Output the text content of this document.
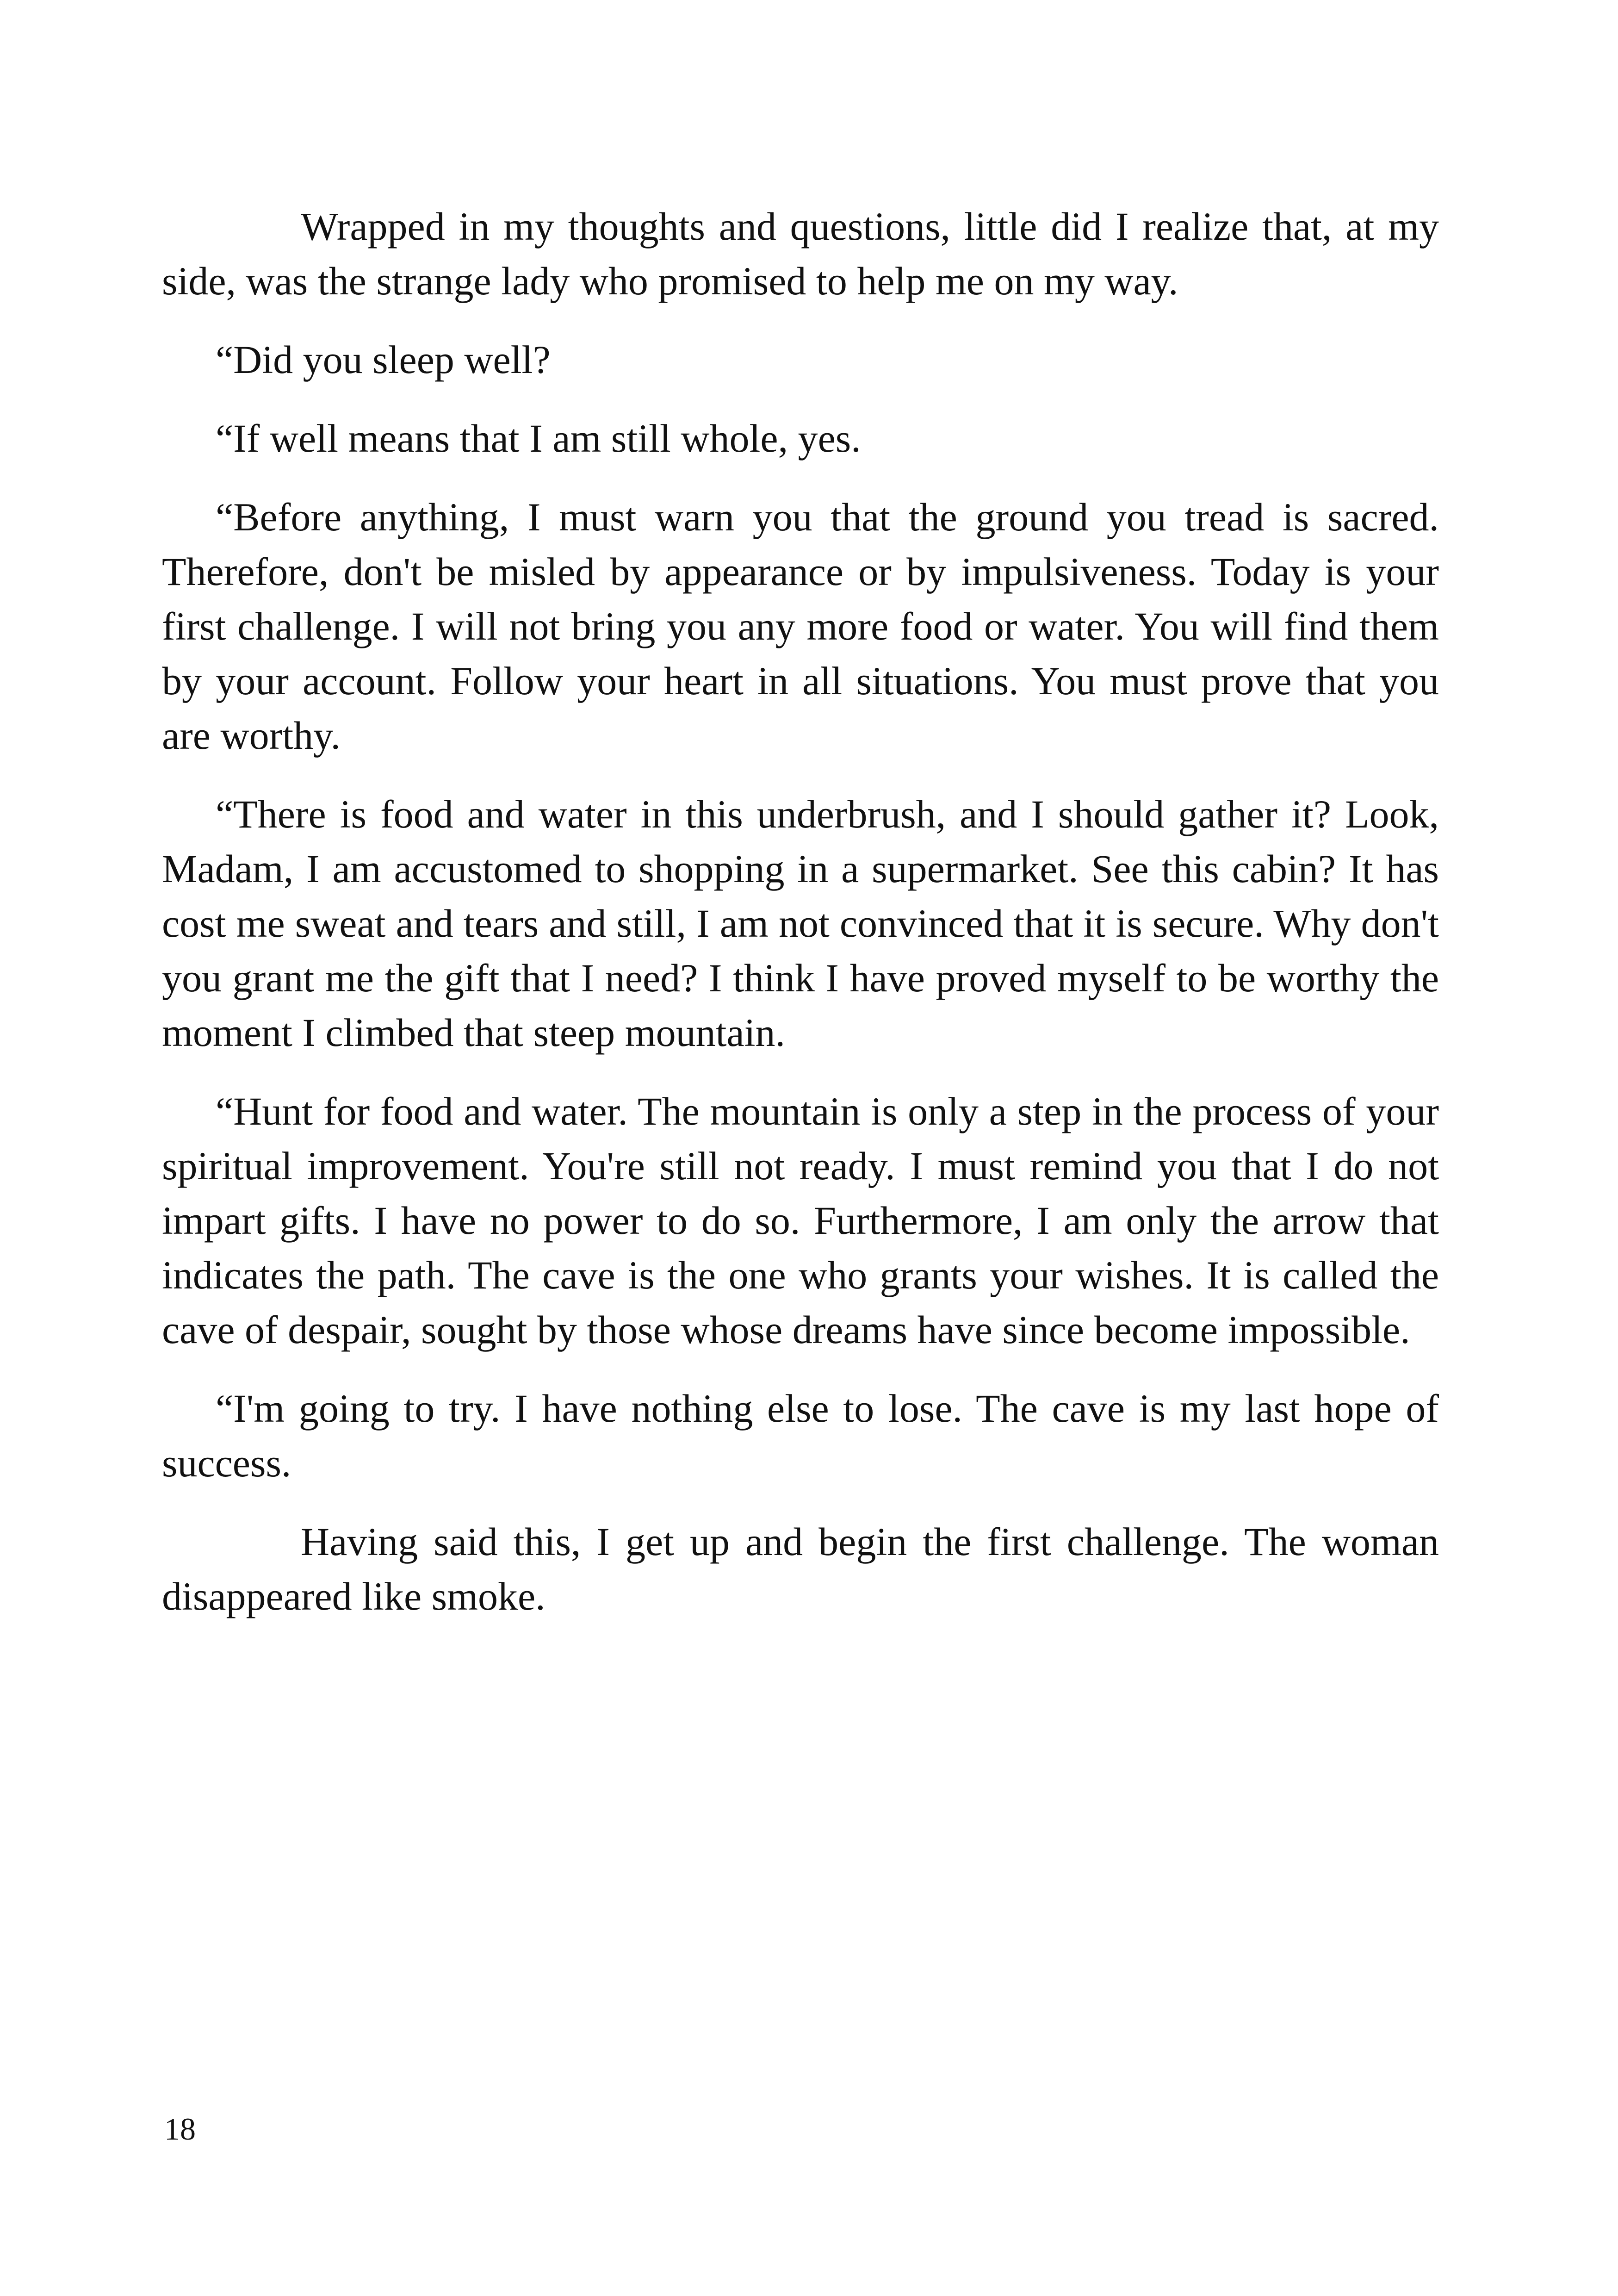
Wrapped in my thoughts and questions, little did I realize that, at my side, was the strange lady who promised to help me on my way.

“Did you sleep well?

“If well means that I am still whole, yes.

“Before anything, I must warn you that the ground you tread is sacred. Therefore, don't be misled by appearance or by impulsiveness. Today is your first challenge. I will not bring you any more food or water. You will find them by your account. Follow your heart in all situations. You must prove that you are worthy.

“There is food and water in this underbrush, and I should gather it? Look, Madam, I am accustomed to shopping in a supermarket. See this cabin? It has cost me sweat and tears and still, I am not convinced that it is secure. Why don't you grant me the gift that I need? I think I have proved myself to be worthy the moment I climbed that steep mountain.

“Hunt for food and water. The mountain is only a step in the process of your spiritual improvement. You're still not ready. I must remind you that I do not impart gifts. I have no power to do so. Furthermore, I am only the arrow that indicates the path. The cave is the one who grants your wishes. It is called the cave of despair, sought by those whose dreams have since become impossible.

“I'm going to try. I have nothing else to lose. The cave is my last hope of success.

Having said this, I get up and begin the first challenge. The woman disappeared like smoke.

18
